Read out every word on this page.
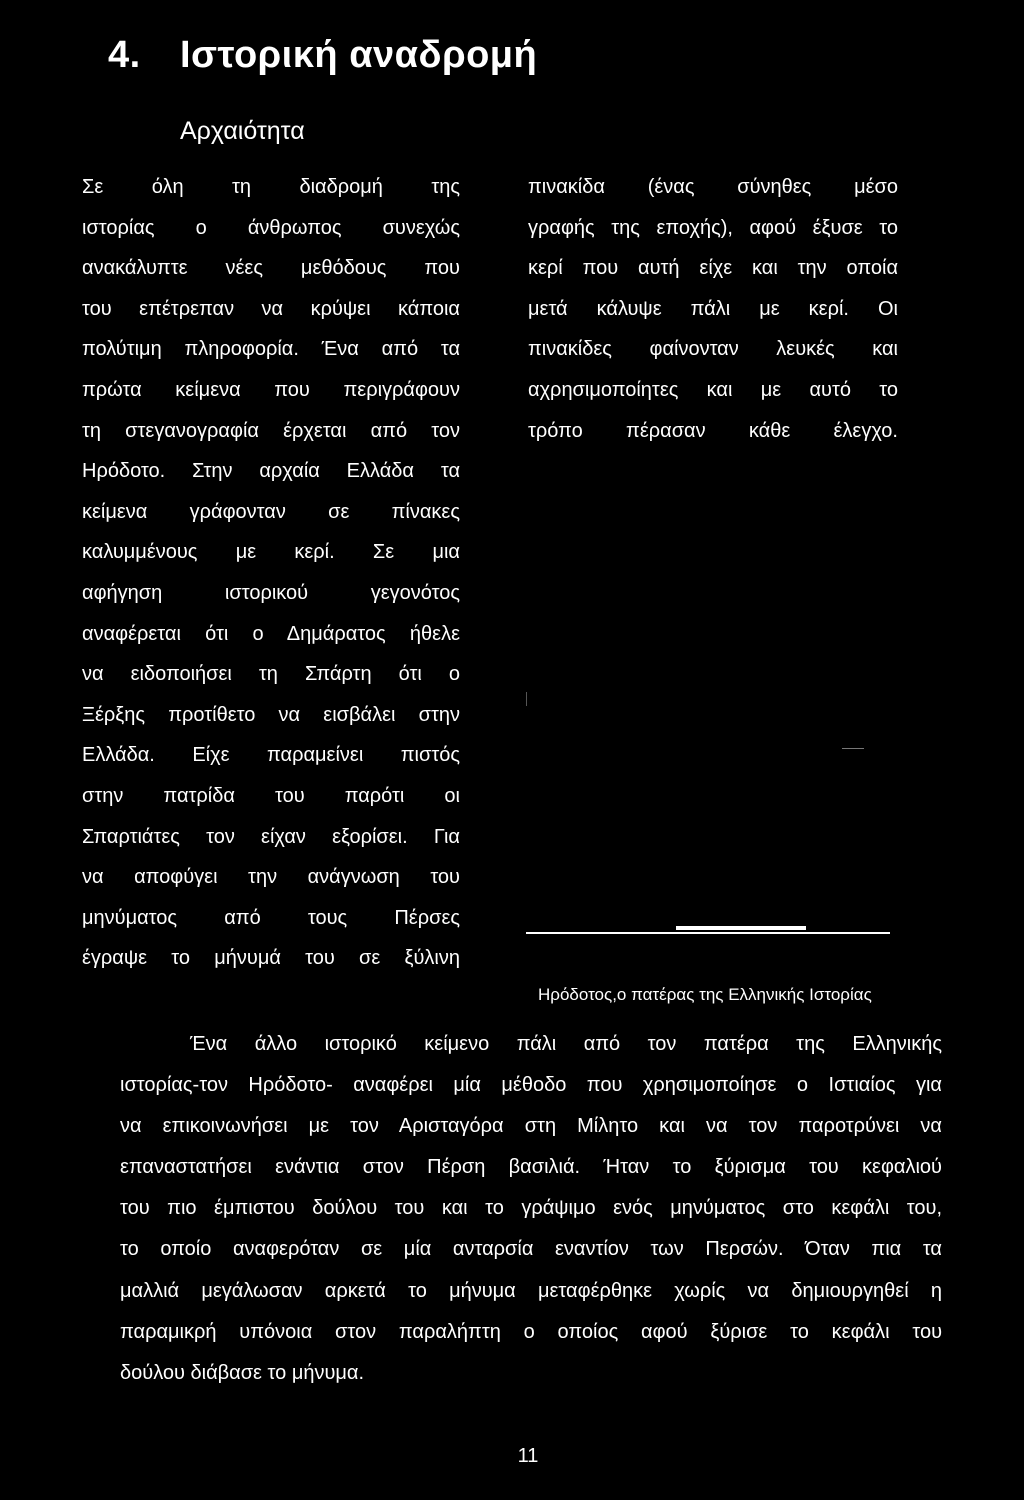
4. Ιστορική αναδρομή
Αρχαιότητα
Σε όλη τη διαδρομή της
ιστορίας ο άνθρωπος συνεχώς
ανακάλυπτε νέες μεθόδους που
του επέτρεπαν να κρύψει κάποια
πολύτιμη πληροφορία. Ένα από τα
πρώτα κείμενα που περιγράφουν
τη στεγανογραφία έρχεται από τον
Ηρόδοτο. Στην αρχαία Ελλάδα τα
κείμενα γράφονταν σε πίνακες
καλυμμένους με κερί. Σε μια
αφήγηση ιστορικού γεγονότος
αναφέρεται ότι ο Δημάρατος ήθελε
να ειδοποιήσει τη Σπάρτη ότι ο
Ξέρξης προτίθετο να εισβάλει στην
Ελλάδα. Είχε παραμείνει πιστός
στην πατρίδα του παρότι οι
Σπαρτιάτες τον είχαν εξορίσει. Για
να αποφύγει την ανάγνωση του
μηνύματος από τους Πέρσες
έγραψε το μήνυμά του σε ξύλινη
πινακίδα (ένας σύνηθες μέσο
γραφής της εποχής), αφού έξυσε το
κερί που αυτή είχε και την οποία
μετά κάλυψε πάλι με κερί. Οι
πινακίδες φαίνονταν λευκές και
αχρησιμοποίητες και με αυτό το
τρόπο πέρασαν κάθε έλεγχο.
Ηρόδοτος,ο πατέρας της Ελληνικής Ιστορίας
Ένα άλλο ιστορικό κείμενο πάλι από τον πατέρα της Ελληνικής
ιστορίας-τον Ηρόδοτο- αναφέρει μία μέθοδο που χρησιμοποίησε ο Ιστιαίος για
να επικοινωνήσει με τον Αρισταγόρα στη Μίλητο και να τον παροτρύνει να
επαναστατήσει ενάντια στον Πέρση βασιλιά. Ήταν το ξύρισμα του κεφαλιού
του πιο έμπιστου δούλου του και το γράψιμο ενός μηνύματος στο κεφάλι του,
το οποίο αναφερόταν σε μία ανταρσία εναντίον των Περσών. Όταν πια τα
μαλλιά μεγάλωσαν αρκετά το μήνυμα μεταφέρθηκε χωρίς να δημιουργηθεί η
παραμικρή υπόνοια στον παραλήπτη ο οποίος αφού ξύρισε το κεφάλι του
δούλου διάβασε το μήνυμα.
11
